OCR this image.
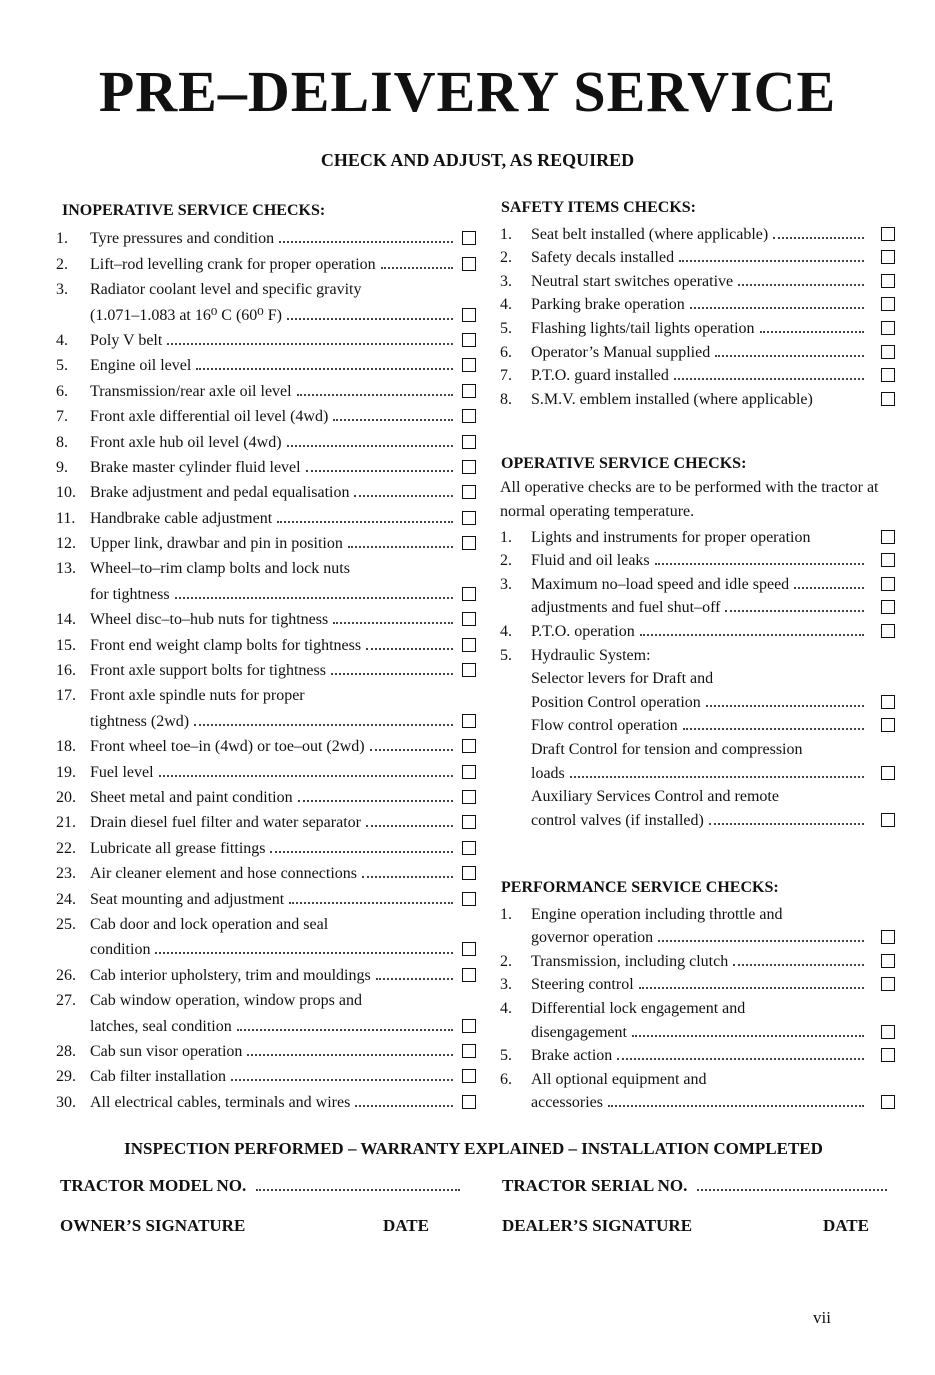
PRE–DELIVERY SERVICE
CHECK AND ADJUST, AS REQUIRED
INOPERATIVE SERVICE CHECKS:
1.	Tyre pressures and condition
2.	Lift–rod levelling crank for proper operation
3.	Radiator coolant level and specific gravity
(1.071–1.083 at 16⁰ C (60⁰ F)
4.	Poly V belt
5.	Engine oil level
6.	Transmission/rear axle oil level
7.	Front axle differential oil level (4wd)
8.	Front axle hub oil level (4wd)
9.	Brake master cylinder fluid level
10. Brake adjustment and pedal equalisation
11. Handbrake cable adjustment
12. Upper link, drawbar and pin in position
13. Wheel–to–rim clamp bolts and lock nuts
for tightness
14. Wheel disc–to–hub nuts for tightness
15. Front end weight clamp bolts for tightness
16. Front axle support bolts for tightness
17. Front axle spindle nuts for proper
tightness (2wd)
18. Front wheel toe–in (4wd) or toe–out (2wd)
19. Fuel level
20. Sheet metal and paint condition
21. Drain diesel fuel filter and water separator
22. Lubricate all grease fittings
23. Air cleaner element and hose connections
24. Seat mounting and adjustment
25. Cab door and lock operation and seal
condition
26. Cab interior upholstery, trim and mouldings
27. Cab window operation, window props and
latches, seal condition
28. Cab sun visor operation
29. Cab filter installation
30. All electrical cables, terminals and wires
SAFETY ITEMS CHECKS:
1.	Seat belt installed (where applicable)
2.	Safety decals installed
3.	Neutral start switches operative
4.	Parking brake operation
5.	Flashing lights/tail lights operation
6.	Operator’s Manual supplied
7.	P.T.O. guard installed
8.	S.M.V. emblem installed (where applicable)
OPERATIVE SERVICE CHECKS:
All operative checks are to be performed with the tractor at normal operating temperature.
1.	Lights and instruments for proper operation
2.	Fluid and oil leaks
3.	Maximum no–load speed and idle speed
adjustments and fuel shut–off
4.	P.T.O. operation
5.	Hydraulic System:
Selector levers for Draft and
Position Control operation
Flow control operation
Draft Control for tension and compression
loads
Auxiliary Services Control and remote
control valves (if installed)
PERFORMANCE SERVICE CHECKS:
1.	Engine operation including throttle and
governor operation
2.	Transmission, including clutch
3.	Steering control
4.	Differential lock engagement and
disengagement
5.	Brake action
6.	All optional equipment and
accessories
INSPECTION PERFORMED – WARRANTY EXPLAINED – INSTALLATION COMPLETED
TRACTOR MODEL NO.	TRACTOR SERIAL NO.
OWNER’S SIGNATURE	DATE	DEALER’S SIGNATURE	DATE
vii
